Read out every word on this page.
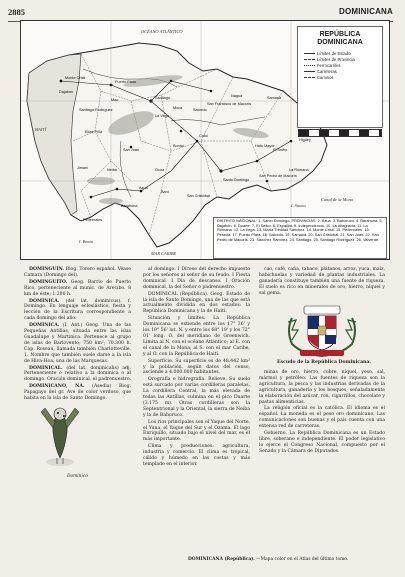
2885	DOMINICANA
Monte Cristi
Puerto Plata
Santiago
Dajabón
La Vega
Moca	Salcedo
San Francisco de Macorís
Nagua	Samaná
Cotuí
Bonao
San Juan
Azua
Barahona
Neiba
Jimaní
Pedernales
Baní
San Cristóbal
Santo Domingo
San Pedro de Macorís
La Romana
Higüey
El Seibo
Hato Mayor
Elías Piña
Santiago Rodríguez
Mao
Ocoa
OCÉANO ATLÁNTICO
MAR CARIBE
HAITÍ
Canal de la Mona
I. Saona
I. Beata
REPÚBLICA DOMINICANA
Límites de Estado
Límites de Provincia
Ferrocarriles
Carreteras
Caminos

DISTRITO NACIONAL: 1. Santo Domingo. PROVINCIAS: 2. Azua. 3. Bahoruco. 4. Barahona. 5. Dajabón. 6. Duarte. 7. El Seibo. 8. Espaillat. 9. Independencia. 10. La Altagracia. 11. La Romana. 12. La Vega. 13. María Trinidad Sánchez. 14. Monte Cristi. 15. Pedernales. 16. Peravia. 17. Puerto Plata. 18. Salcedo. 19. Samaná. 20. San Cristóbal. 21. San Juan. 22. San Pedro de Macorís. 23. Sánchez Ramírez. 24. Santiago. 25. Santiago Rodríguez. 26. Valverde.

DOMINGUÍN. Biog. Torero español. Véase Camara (Domingo del).

DOMINGUITO. Geog. Barrio de Puerto Rico, perteneciente al munic. de Arecibo. 8 km de éste; 1.200 h.

DOMINICA. (del lat. dominicus). f. Domingo. En lenguaje eclesiástico, fiesta y lección de la Escritura correspondiente a cada domingo del año.

DOMINICA. (I. Ant.) Geog. Una de las Pequeñas Antillas, situada entre las islas Guadalupe y Martinica. Pertenece al grupo de islas de Barlovento; 750 km²; 70.300 h. Cap. Roseau, llamada también Charlotteville. 1. Nombre que también suele darse a la isla de Hiva-Hoa, una de las Marquesas.

DOMINICAL. (del lat. dominicalis) adj. Perteneciente o relativo a la dominica o al domingo. Oración dominical, el padrenuestro.

DOMINICANO, NA. (Asedia) Biog. Papagayo del gr. Ave de color verdoso, que habita en la isla de Santo Domingo.

al domingo. I Dícese del derecho impuesto por los señores al señor de su feudo. I Fiesta dominical. I Día de descanso. I Oración dominical, la del Señor o padrenuestro.

DOMINICAL (República). Geog. Estado de la isla de Santo Domingo, una de las que está actualmente dividida en dos estados: la República Dominicana y la de Haití.

Situación y límites. La República Dominicana se extiende entre los 17° 36' y los 19° 56' lat. N. y entre los 68° 19' y los 72° 01' long. O. del meridiano de Greenwich. Limita al N. con el océano Atlántico; al E. con el canal de la Mona; al S. con el mar Caribe, y al O. con la República de Haití.

Superficie. Su superficie es de 48.442 km² y la población, según datos del censo, asciende a 4.000.000 habitantes.

Orografía e hidrografía. Relieve. Su suelo está surcado por varias cordilleras paralelas. La cordillera Central, la más elevada de todas las Antillas, culmina en el pico Duarte (3.175 m). Otras cordilleras son la Septentrional y la Oriental, la sierra de Neiba y la de Bahoruco.

Los ríos principales son el Yaque del Norte, el Yuna, el Yaque del Sur y el Ozama. El lago Enriquillo, situado bajo el nivel del mar, es el más importante.

Clima y producciones: agricultura, industria y comercio. El clima es tropical, cálido y húmedo en las costas y más templado en el interior.

cao, café, caña, tabaco, plátanos, arroz, yuca, maíz, habichuelas y variedad de plantas industriales. La ganadería constituye también una fuente de riqueza. El suelo es rico en minerales de oro, hierro, níquel y sal gema.

Escudo de la República Dominicana.

minas de oro, hierro, cobre, níquel, yeso, sal, mármol y petróleo. Las fuentes de riqueza son la agricultura, la pesca y las industrias derivadas de la agricultura, ganadería y los bosques, señaladamente la elaboración del azúcar, ron, cigarrillos, chocolate y pastas alimenticias.

La religión oficial es la católica. El idioma es el español. La moneda es el peso oro dominicano. Las comunicaciones son buenas y el país cuenta con una extensa red de carreteras.

Gobierno. La República Dominicana es un Estado libre, soberano e independiente. El poder legislativo lo ejerce el Congreso Nacional, compuesto por el Senado y la Cámara de Diputados.

Dominico
DOMINICANA (República). —Mapa color en el Atlas del último tomo.
